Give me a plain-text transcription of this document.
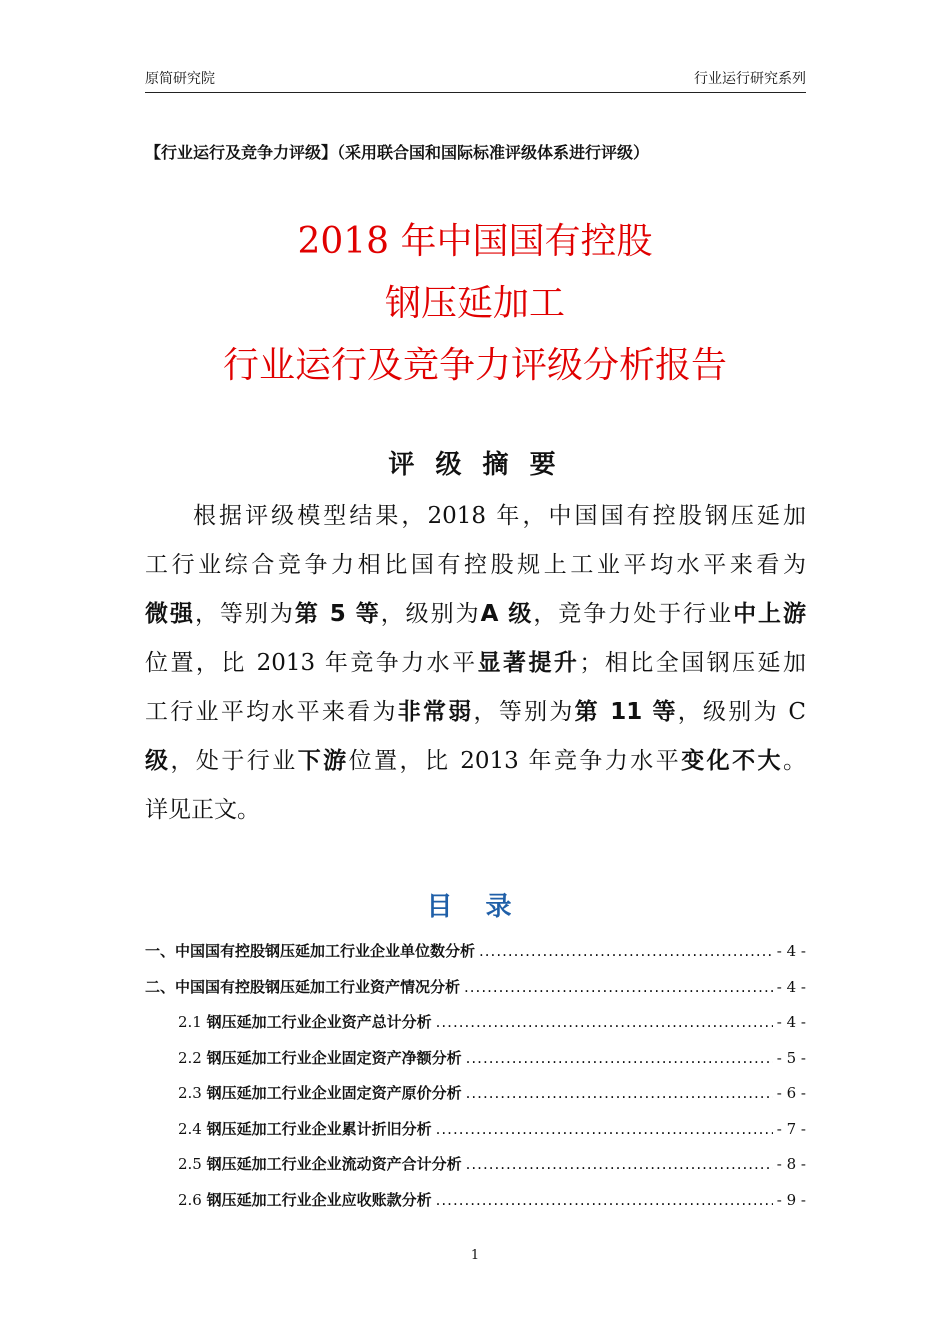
原简研究院	行业运行研究系列
【行业运行及竞争力评级】（采用联合国和国际标准评级体系进行评级）
2018 年中国国有控股
钢压延加工
行业运行及竞争力评级分析报告
评 级 摘 要
根据评级模型结果，2018 年，中国国有控股钢压延加
工行业综合竞争力相比国有控股规上工业平均水平来看为
微强，等别为第 5 等，级别为A 级，竞争力处于行业中上游
位置，比 2013 年竞争力水平显著提升；相比全国钢压延加
工行业平均水平来看为非常弱，等别为第 11 等，级别为 C
级，处于行业下游位置，比 2013 年竞争力水平变化不大。
详见正文。
目 录
一、中国国有控股钢压延加工行业企业单位数分析 .....	- 4 -
二、中国国有控股钢压延加工行业资产情况分析 .....	- 4 -
2.1 钢压延加工行业企业资产总计分析 .....	- 4 -
2.2 钢压延加工行业企业固定资产净额分析 .....	- 5 -
2.3 钢压延加工行业企业固定资产原价分析 .....	- 6 -
2.4 钢压延加工行业企业累计折旧分析 .....	- 7 -
2.5 钢压延加工行业企业流动资产合计分析 .....	- 8 -
2.6 钢压延加工行业企业应收账款分析 .....	- 9 -
1
